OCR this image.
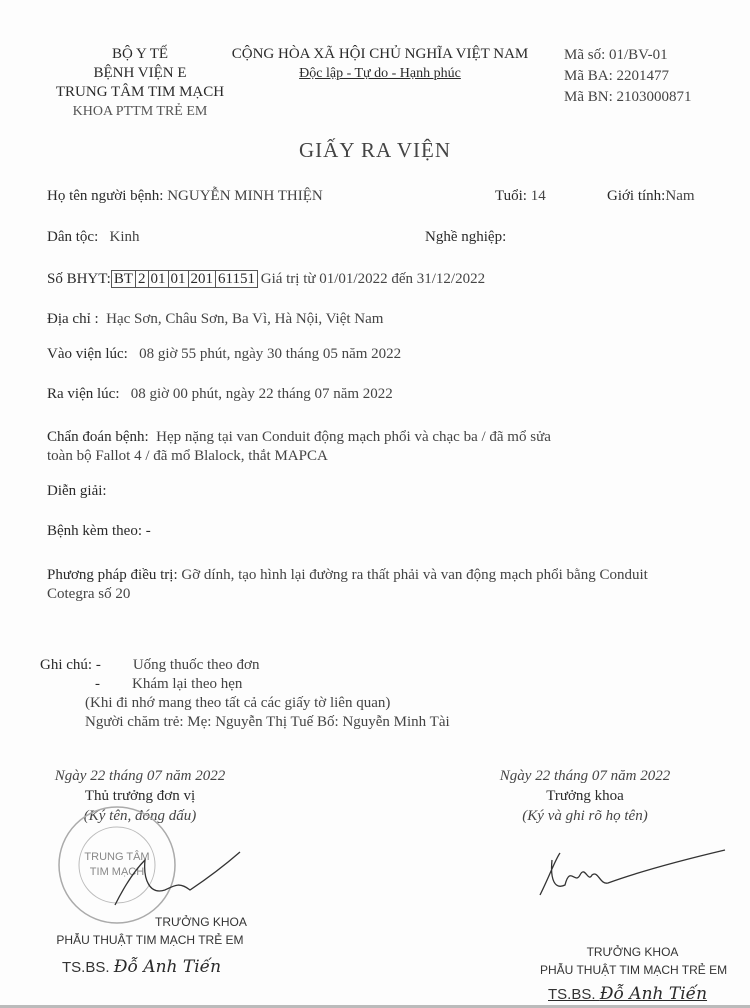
BỘ Y TẾ
BỆNH VIỆN E
TRUNG TÂM TIM MẠCH
KHOA PTTM TRẺ EM
CỘNG HÒA XÃ HỘI CHỦ NGHĨA VIỆT NAM
Độc lập - Tự do - Hạnh phúc
Mã số: 01/BV-01
Mã BA: 2201477
Mã BN: 2103000871
GIẤY RA VIỆN
Họ tên người bệnh: NGUYỄN MINH THIỆN	Tuổi: 14	Giới tính:Nam
Dân tộc: Kinh	Nghề nghiệp:
Số BHYT: BT 2 01 01 201 61151 Giá trị từ 01/01/2022 đến 31/12/2022
Địa chỉ : Hạc Sơn, Châu Sơn, Ba Vì, Hà Nội, Việt Nam
Vào viện lúc: 08 giờ 55 phút, ngày 30 tháng 05 năm 2022
Ra viện lúc: 08 giờ 00 phút, ngày 22 tháng 07 năm 2022
Chẩn đoán bệnh: Hẹp nặng tại van Conduit động mạch phổi và chạc ba / đã mổ sửa
toàn bộ Fallot 4 / đã mổ Blalock, thắt MAPCA
Diễn giải:
Bệnh kèm theo: -
Phương pháp điều trị: Gỡ dính, tạo hình lại đường ra thất phải và van động mạch phổi bằng Conduit
Cotegra số 20
Ghi chú: - Uống thuốc theo đơn
- Khám lại theo hẹn
(Khi đi nhớ mang theo tất cả các giấy tờ liên quan)
Người chăm trẻ: Mẹ: Nguyễn Thị Tuế Bố: Nguyễn Minh Tài
Ngày 22 tháng 07 năm 2022
Thủ trưởng đơn vị
(Ký tên, đóng dấu)
TRUNG TÂM
TIM MẠCH
TRƯỞNG KHOA
PHẪU THUẬT TIM MẠCH TRẺ EM
TS.BS. Đỗ Anh Tiến
Ngày 22 tháng 07 năm 2022
Trưởng khoa
(Ký và ghi rõ họ tên)
TRƯỞNG KHOA
PHẪU THUẬT TIM MẠCH TRẺ EM
TS.BS. Đỗ Anh Tiến
